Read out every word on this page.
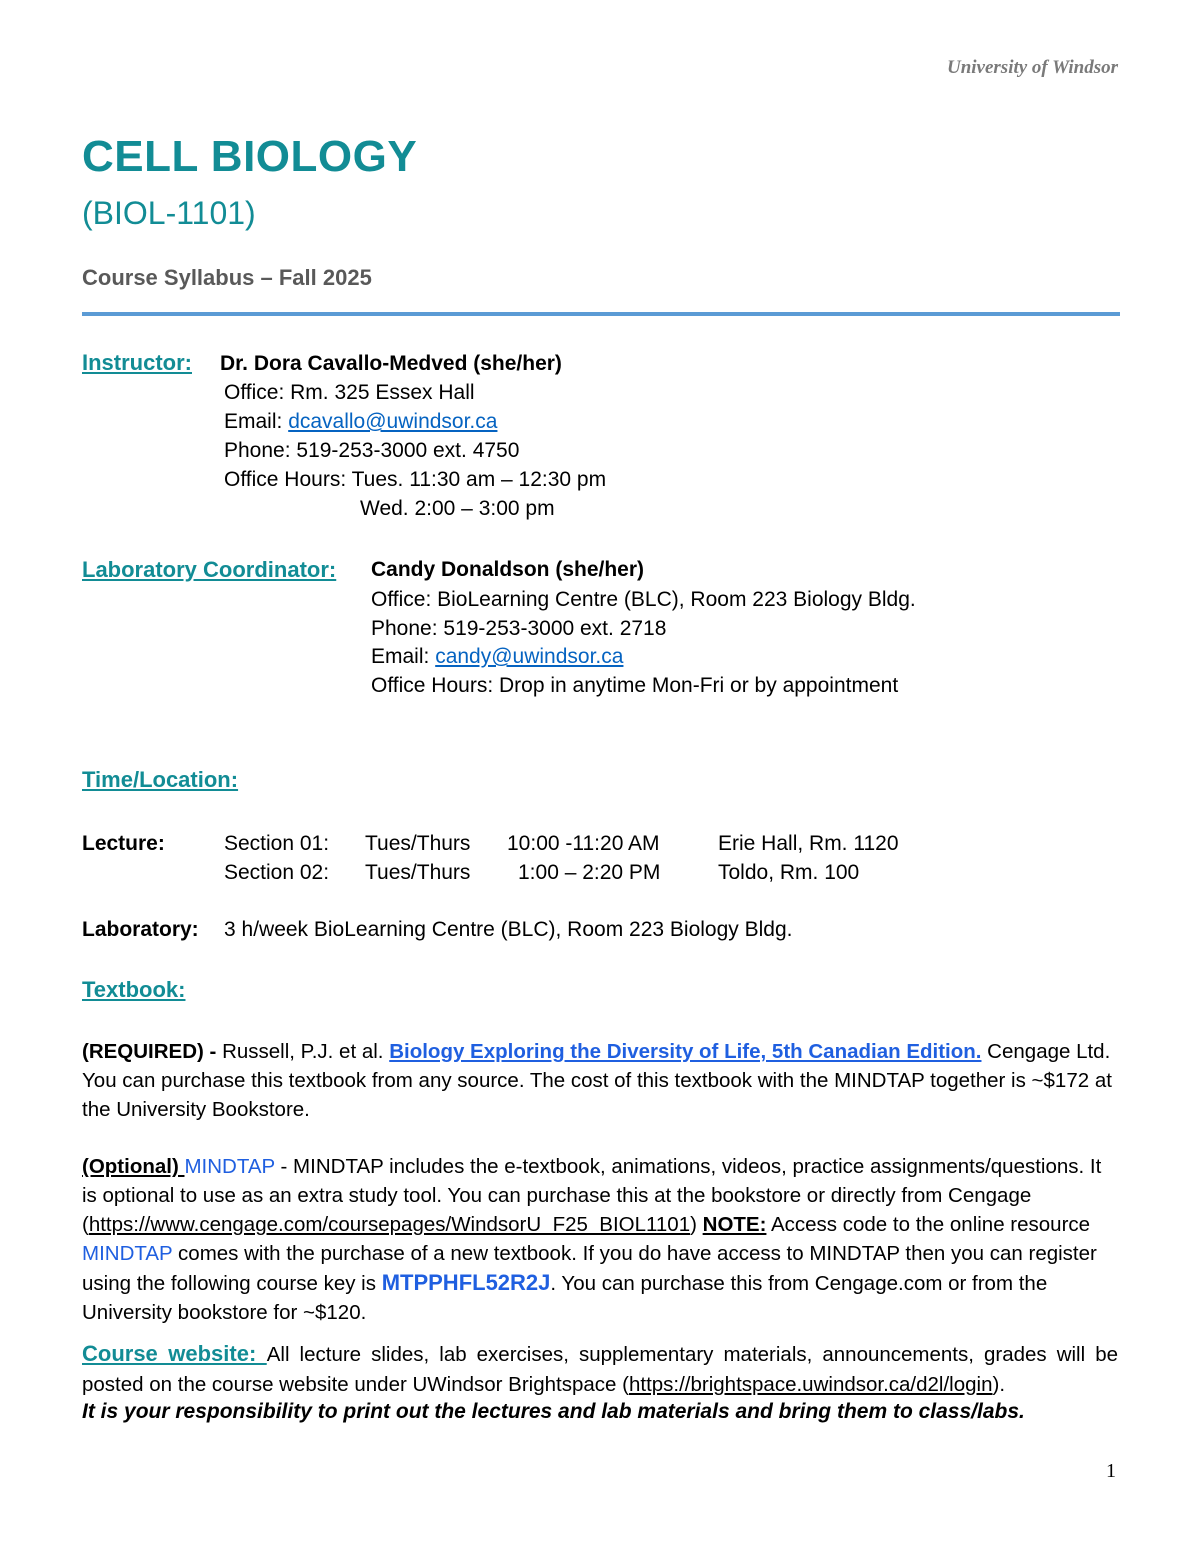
University of Windsor
CELL BIOLOGY
(BIOL-1101)
Course Syllabus – Fall 2025
Instructor: Dr. Dora Cavallo-Medved (she/her)
Office: Rm. 325 Essex Hall
Email: dcavallo@uwindsor.ca
Phone: 519-253-3000 ext. 4750
Office Hours: Tues. 11:30 am – 12:30 pm
Wed. 2:00 – 3:00 pm
Laboratory Coordinator: Candy Donaldson (she/her)
Office: BioLearning Centre (BLC), Room 223 Biology Bldg.
Phone: 519-253-3000 ext. 2718
Email: candy@uwindsor.ca
Office Hours: Drop in anytime Mon-Fri or by appointment
Time/Location:
Lecture:	Section 01: Tues/Thurs 10:00 -11:20 AM	Erie Hall, Rm. 1120
Section 02: Tues/Thurs 1:00 – 2:20 PM	Toldo, Rm. 100
Laboratory: 3 h/week BioLearning Centre (BLC), Room 223 Biology Bldg.
Textbook:
(REQUIRED) - Russell, P.J. et al. Biology Exploring the Diversity of Life, 5th Canadian Edition. Cengage Ltd. You can purchase this textbook from any source. The cost of this textbook with the MINDTAP together is ~$172 at the University Bookstore.
(Optional) MINDTAP - MINDTAP includes the e-textbook, animations, videos, practice assignments/questions. It is optional to use as an extra study tool. You can purchase this at the bookstore or directly from Cengage (https://www.cengage.com/coursepages/WindsorU_F25_BIOL1101) NOTE: Access code to the online resource MINDTAP comes with the purchase of a new textbook. If you do have access to MINDTAP then you can register using the following course key is MTPPHFL52R2J. You can purchase this from Cengage.com or from the University bookstore for ~$120.
Course website: All lecture slides, lab exercises, supplementary materials, announcements, grades will be posted on the course website under UWindsor Brightspace (https://brightspace.uwindsor.ca/d2l/login).
It is your responsibility to print out the lectures and lab materials and bring them to class/labs.
1
